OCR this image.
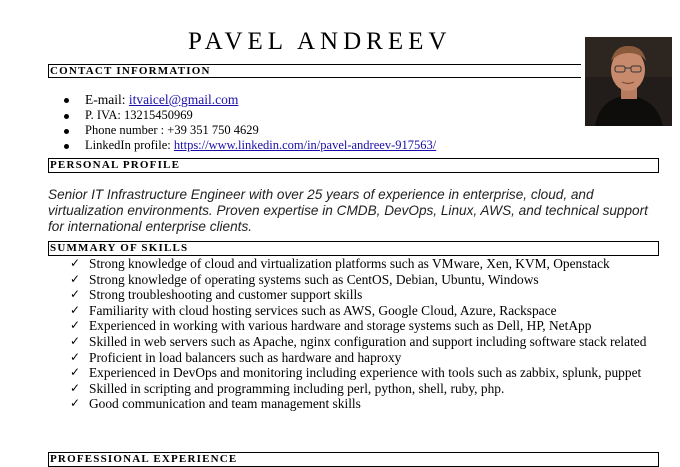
PAVEL ANDREEV
CONTACT INFORMATION
E-mail: itvaicel@gmail.com
P. IVA: 13215450969
Phone number : +39 351 750 4629
LinkedIn profile: https://www.linkedin.com/in/pavel-andreev-917563/
PERSONAL PROFILE
Senior IT Infrastructure Engineer with over 25 years of experience in enterprise, cloud, and virtualization environments. Proven expertise in CMDB, DevOps, Linux, AWS, and technical support for international enterprise clients.
SUMMARY OF SKILLS
✓ Strong knowledge of cloud and virtualization platforms such as VMware, Xen, KVM, Openstack
✓ Strong knowledge of operating systems such as CentOS, Debian, Ubuntu, Windows
✓ Strong troubleshooting and customer support skills
✓ Familiarity with cloud hosting services such as AWS, Google Cloud, Azure, Rackspace
✓ Experienced in working with various hardware and storage systems such as Dell, HP, NetApp
✓ Skilled in web servers such as Apache, nginx configuration and support including software stack related
✓ Proficient in load balancers such as hardware and haproxy
✓ Experienced in DevOps and monitoring including experience with tools such as zabbix, splunk, puppet
✓ Skilled in scripting and programming including perl, python, shell, ruby, php.
✓ Good communication and team management skills
PROFESSIONAL EXPERIENCE
